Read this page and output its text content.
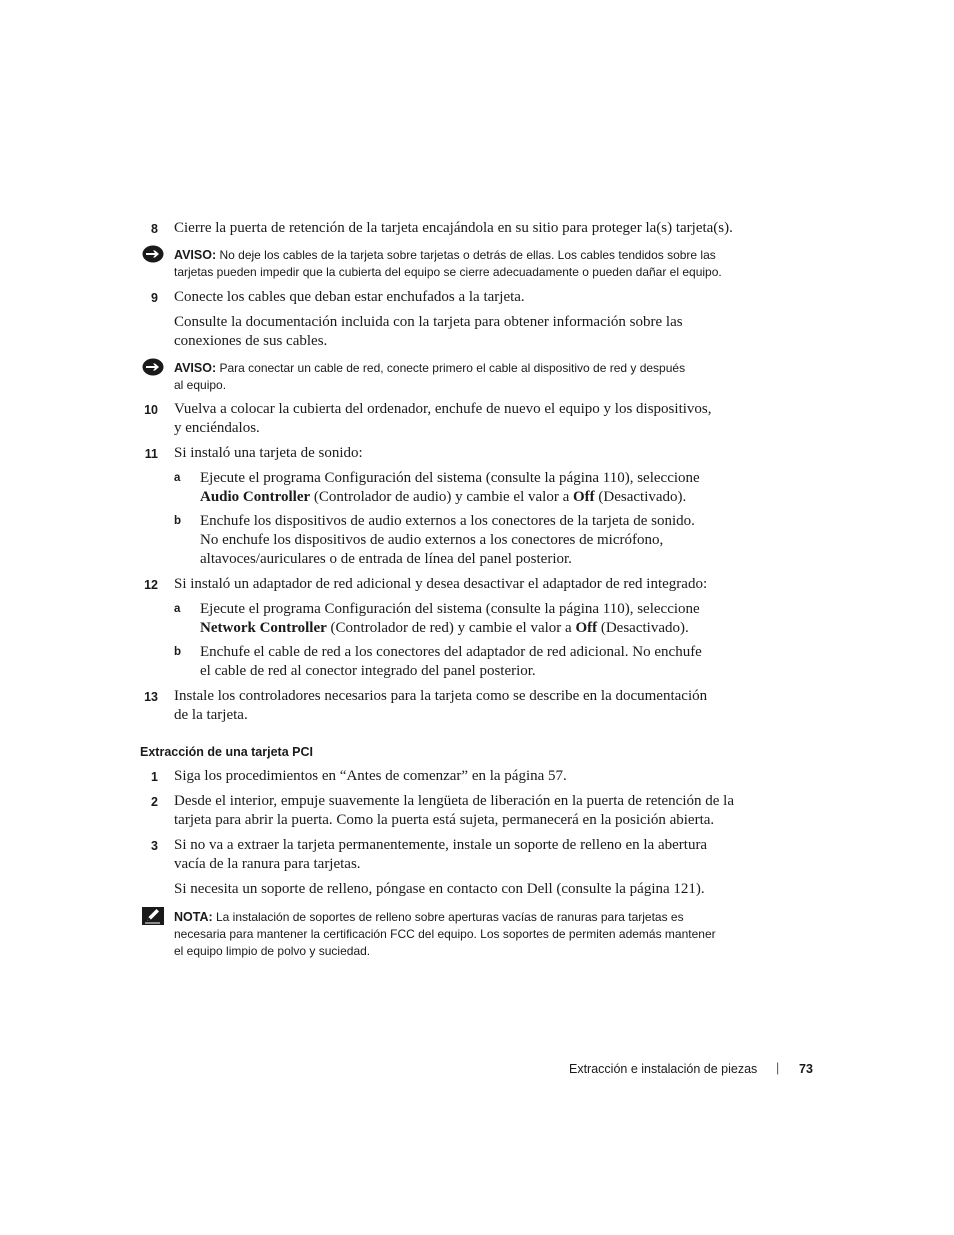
8 Cierre la puerta de retención de la tarjeta encajándola en su sitio para proteger la(s) tarjeta(s).
AVISO: No deje los cables de la tarjeta sobre tarjetas o detrás de ellas. Los cables tendidos sobre las
tarjetas pueden impedir que la cubierta del equipo se cierre adecuadamente o pueden dañar el equipo.
9 Conecte los cables que deban estar enchufados a la tarjeta.
Consulte la documentación incluida con la tarjeta para obtener información sobre las
conexiones de sus cables.
AVISO: Para conectar un cable de red, conecte primero el cable al dispositivo de red y después
al equipo.
10 Vuelva a colocar la cubierta del ordenador, enchufe de nuevo el equipo y los dispositivos,
y enciéndalos.
11 Si instaló una tarjeta de sonido:
a	Ejecute el programa Configuración del sistema (consulte la página 110), seleccione
Audio Controller (Controlador de audio) y cambie el valor a Off (Desactivado).
b	Enchufe los dispositivos de audio externos a los conectores de la tarjeta de sonido.
No enchufe los dispositivos de audio externos a los conectores de micrófono,
altavoces/auriculares o de entrada de línea del panel posterior.
12 Si instaló un adaptador de red adicional y desea desactivar el adaptador de red integrado:
a	Ejecute el programa Configuración del sistema (consulte la página 110), seleccione
Network Controller (Controlador de red) y cambie el valor a Off (Desactivado).
b	Enchufe el cable de red a los conectores del adaptador de red adicional. No enchufe
el cable de red al conector integrado del panel posterior.
13 Instale los controladores necesarios para la tarjeta como se describe en la documentación
de la tarjeta.
Extracción de una tarjeta PCI
1 Siga los procedimientos en “Antes de comenzar” en la página 57.
2 Desde el interior, empuje suavemente la lengüeta de liberación en la puerta de retención de la
tarjeta para abrir la puerta. Como la puerta está sujeta, permanecerá en la posición abierta.
3 Si no va a extraer la tarjeta permanentemente, instale un soporte de relleno en la abertura
vacía de la ranura para tarjetas.
Si necesita un soporte de relleno, póngase en contacto con Dell (consulte la página 121).
NOTA: La instalación de soportes de relleno sobre aperturas vacías de ranuras para tarjetas es
necesaria para mantener la certificación FCC del equipo. Los soportes de permiten además mantener
el equipo limpio de polvo y suciedad.
Extracción e instalación de piezas | 73
